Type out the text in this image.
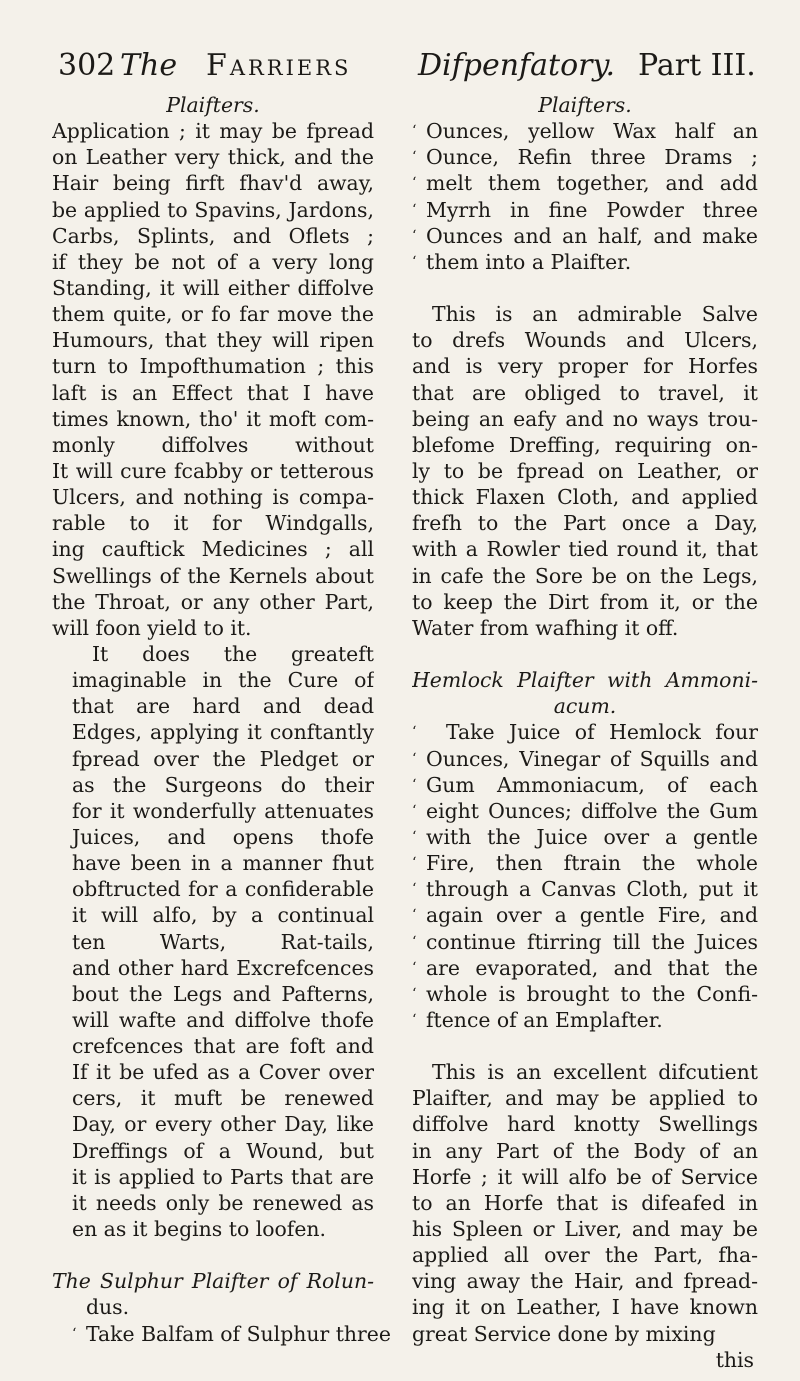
302 The Farriers Difpenfatory. Part III.
Plaifters.
Application ; it may be fpread
on Leather very thick, and the
Hair being firft fhav'd away,
be applied to Spavins, Jardons,
Carbs, Splints, and Oflets ;
if they be not of a very long
Standing, it will either diffolve
them quite, or fo far move the
Humours, that they will ripen
turn to Impofthumation ; this
laft is an Effect that I have
times known, tho' it moft com-
monly diffolves without
It will cure fcabby or tetterous
Ulcers, and nothing is compa-
rable to it for Windgalls,
ing cauftick Medicines ; all
Swellings of the Kernels about
the Throat, or any other Part,
will foon yield to it.
It does the greateft
imaginable in the Cure of
that are hard and dead
Edges, applying it conftantly
fpread over the Pledget or
as the Surgeons do their
for it wonderfully attenuates
Juices, and opens thofe
have been in a manner fhut
obftructed for a confiderable
it will alfo, by a continual
ten Warts, Rat-tails,
and other hard Excrefcences
bout the Legs and Pafterns,
will wafte and diffolve thofe
crefcences that are foft and
If it be ufed as a Cover over
cers, it muft be renewed
Day, or every other Day, like
Dreffings of a Wound, but
it is applied to Parts that are
it needs only be renewed as
en as it begins to loofen.
The Sulphur Plaifter of Rolun-
dus.
‘ Take Balfam of Sulphur three
Plaifters.
‘ Ounces, yellow Wax half an
‘ Ounce, Refin three Drams ;
‘ melt them together, and add
‘ Myrrh in fine Powder three
‘ Ounces and an half, and make
‘ them into a Plaifter.
This is an admirable Salve
to drefs Wounds and Ulcers,
and is very proper for Horfes
that are obliged to travel, it
being an eafy and no ways trou-
blefome Dreffing, requiring on-
ly to be fpread on Leather, or
thick Flaxen Cloth, and applied
frefh to the Part once a Day,
with a Rowler tied round it, that
in cafe the Sore be on the Legs,
to keep the Dirt from it, or the
Water from wafhing it off.
Hemlock Plaifter with Ammoni-
acum.
‘	Take Juice of Hemlock four
‘ Ounces, Vinegar of Squills and
‘ Gum Ammoniacum, of each
‘ eight Ounces; diffolve the Gum
‘ with the Juice over a gentle
‘ Fire, then ftrain the whole
‘ through a Canvas Cloth, put it
‘ again over a gentle Fire, and
‘ continue ftirring till the Juices
‘ are evaporated, and that the
‘ whole is brought to the Confi-
‘ ftence of an Emplafter.
This is an excellent difcutient
Plaifter, and may be applied to
diffolve hard knotty Swellings
in any Part of the Body of an
Horfe ; it will alfo be of Service
to an Horfe that is difeafed in
his Spleen or Liver, and may be
applied all over the Part, fha-
ving away the Hair, and fpread-
ing it on Leather, I have known
great Service done by mixing
this
